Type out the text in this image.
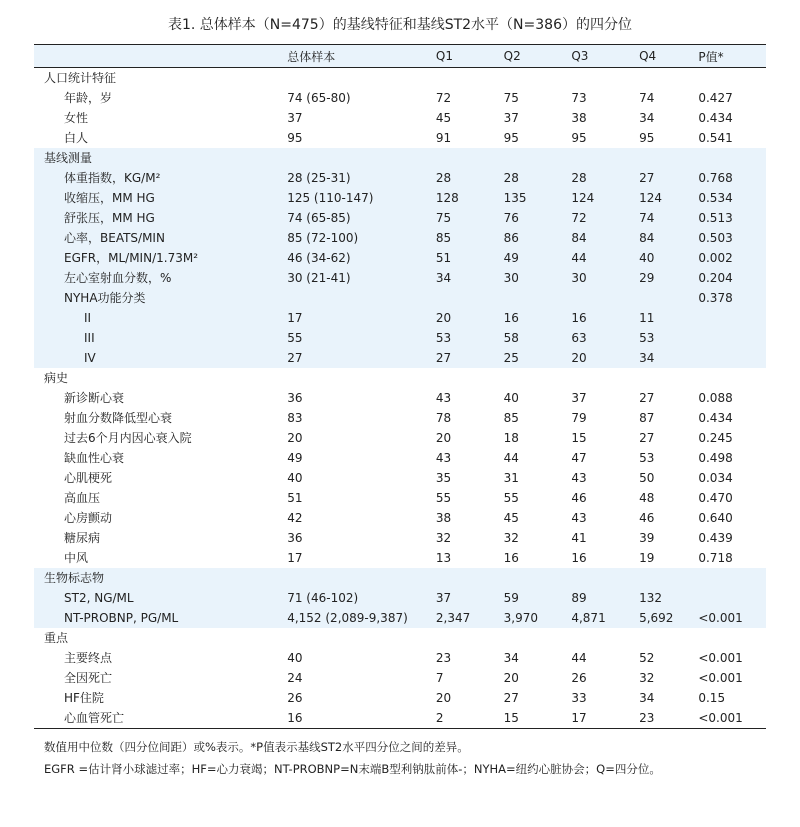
表1. 总体样本（N=475）的基线特征和基线ST2水平（N=386）的四分位
	总体样本	Q1	Q2	Q3	Q4	P值*
人口统计特征						
年龄，岁	74 (65-80)	72	75	73	74	0.427
女性	37	45	37	38	34	0.434
白人	95	91	95	95	95	0.541
基线测量						
体重指数，KG/M²	28 (25-31)	28	28	28	27	0.768
收缩压，MM HG	125 (110-147)	128	135	124	124	0.534
舒张压，MM HG	74 (65-85)	75	76	72	74	0.513
心率，BEATS/MIN	85 (72-100)	85	86	84	84	0.503
EGFR，ML/MIN/1.73M²	46 (34-62)	51	49	44	40	0.002
左心室射血分数，%	30 (21-41)	34	30	30	29	0.204
NYHA功能分类						0.378
II	17	20	16	16	11	
III	55	53	58	63	53	
IV	27	27	25	20	34	
病史						
新诊断心衰	36	43	40	37	27	0.088
射血分数降低型心衰	83	78	85	79	87	0.434
过去6个月内因心衰入院	20	20	18	15	27	0.245
缺血性心衰	49	43	44	47	53	0.498
心肌梗死	40	35	31	43	50	0.034
高血压	51	55	55	46	48	0.470
心房颤动	42	38	45	43	46	0.640
糖尿病	36	32	32	41	39	0.439
中风	17	13	16	16	19	0.718
生物标志物						
ST2, NG/ML	71 (46-102)	37	59	89	132	
NT-PROBNP, PG/ML	4,152 (2,089-9,387)	2,347	3,970	4,871	5,692	<0.001
重点						
主要终点	40	23	34	44	52	<0.001
全因死亡	24	7	20	26	32	<0.001
HF住院	26	20	27	33	34	0.15
心血管死亡	16	2	15	17	23	<0.001
数值用中位数（四分位间距）或%表示。*P值表示基线ST2水平四分位之间的差异。
EGFR =估计肾小球滤过率；HF=心力衰竭；NT-PROBNP=N末端B型利钠肽前体-；NYHA=纽约心脏协会；Q=四分位。
